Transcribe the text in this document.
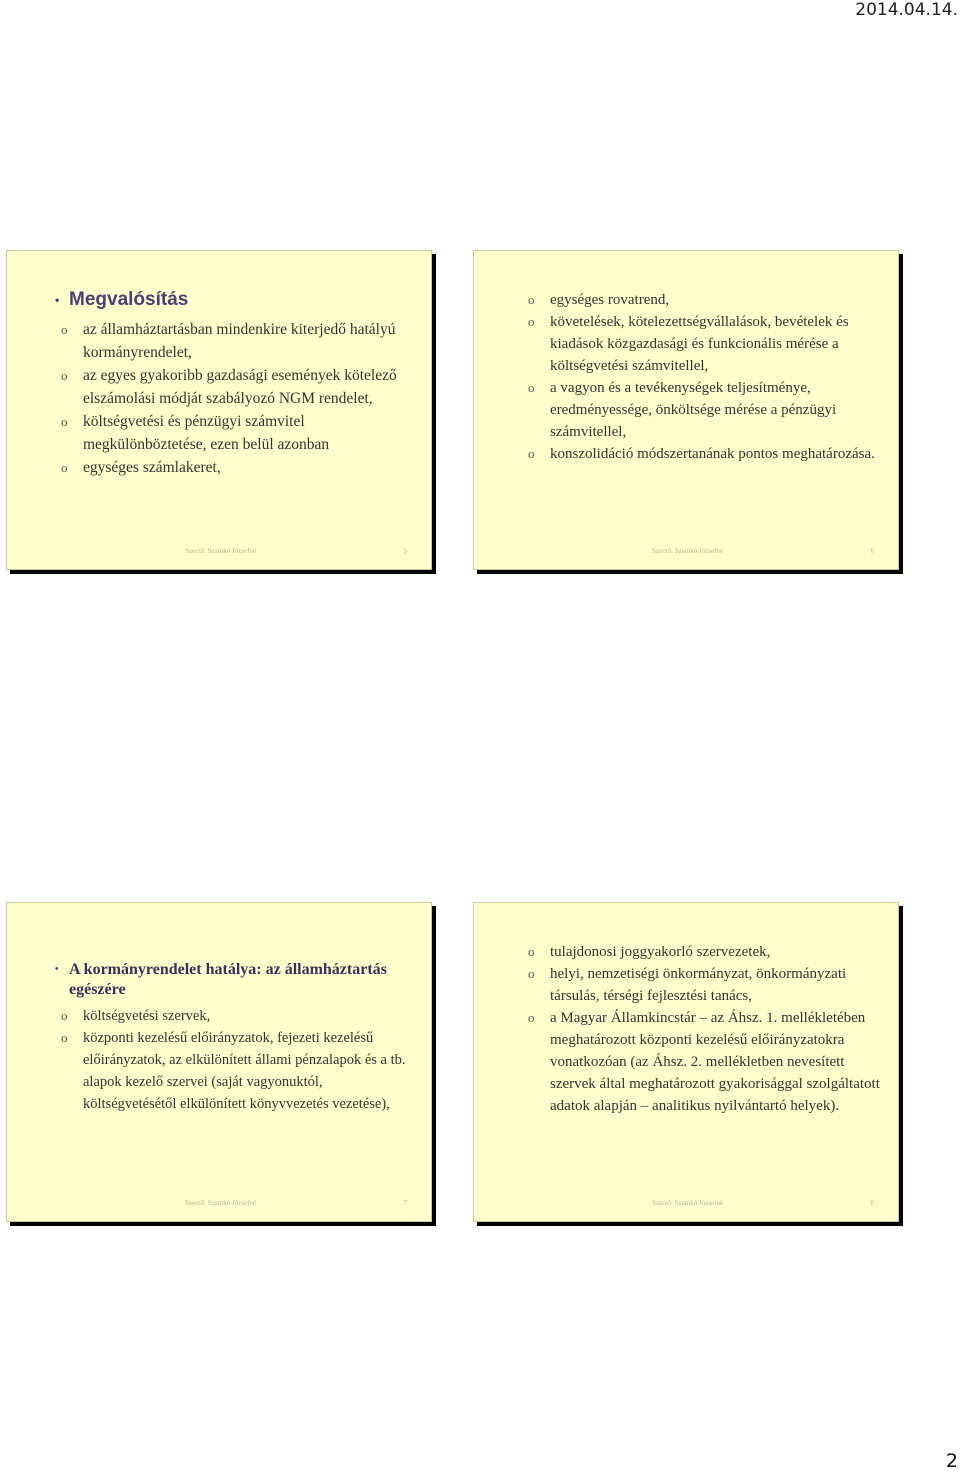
2014.04.14.
• Megvalósítás
o az államháztartásban mindenkire kiterjedő hatályú kormányrendelet,
o az egyes gyakoribb gazdasági események kötelező elszámolási módját szabályozó NGM rendelet,
o költségvetési és pénzügyi számvitel megkülönböztetése, ezen belül azonban
o egységes számlakeret,
Szerző: Szamkó Józsefné	5
o egységes rovatrend,
o követelések, kötelezettségvállalások, bevételek és kiadások közgazdasági és funkcionális mérése a költségvetési számvitellel,
o a vagyon és a tevékenységek teljesítménye, eredményessége, önköltsége mérése a pénzügyi számvitellel,
o konszolidáció módszertanának pontos meghatározása.
Szerző: Szamkó Józsefné	6
• A kormányrendelet hatálya: az államháztartás egészére
o költségvetési szervek,
o központi kezelésű előirányzatok, fejezeti kezelésű előirányzatok, az elkülönített állami pénzalapok és a tb. alapok kezelő szervei (saját vagyonuktól, költségvetésétől elkülönített könyvvezetés vezetése),
Szerző: Szamkó Józsefné	7
o tulajdonosi joggyakorló szervezetek,
o helyi, nemzetiségi önkormányzat, önkormányzati társulás, térségi fejlesztési tanács,
o a Magyar Államkincstár – az Áhsz. 1. mellékletében meghatározott központi kezelésű előirányzatokra vonatkozóan (az Áhsz. 2. mellékletben nevesített szervek által meghatározott gyakorisággal szolgáltatott adatok alapján – analitikus nyilvántartó helyek).
Szerző: Szamkó Józsefné	8
2
